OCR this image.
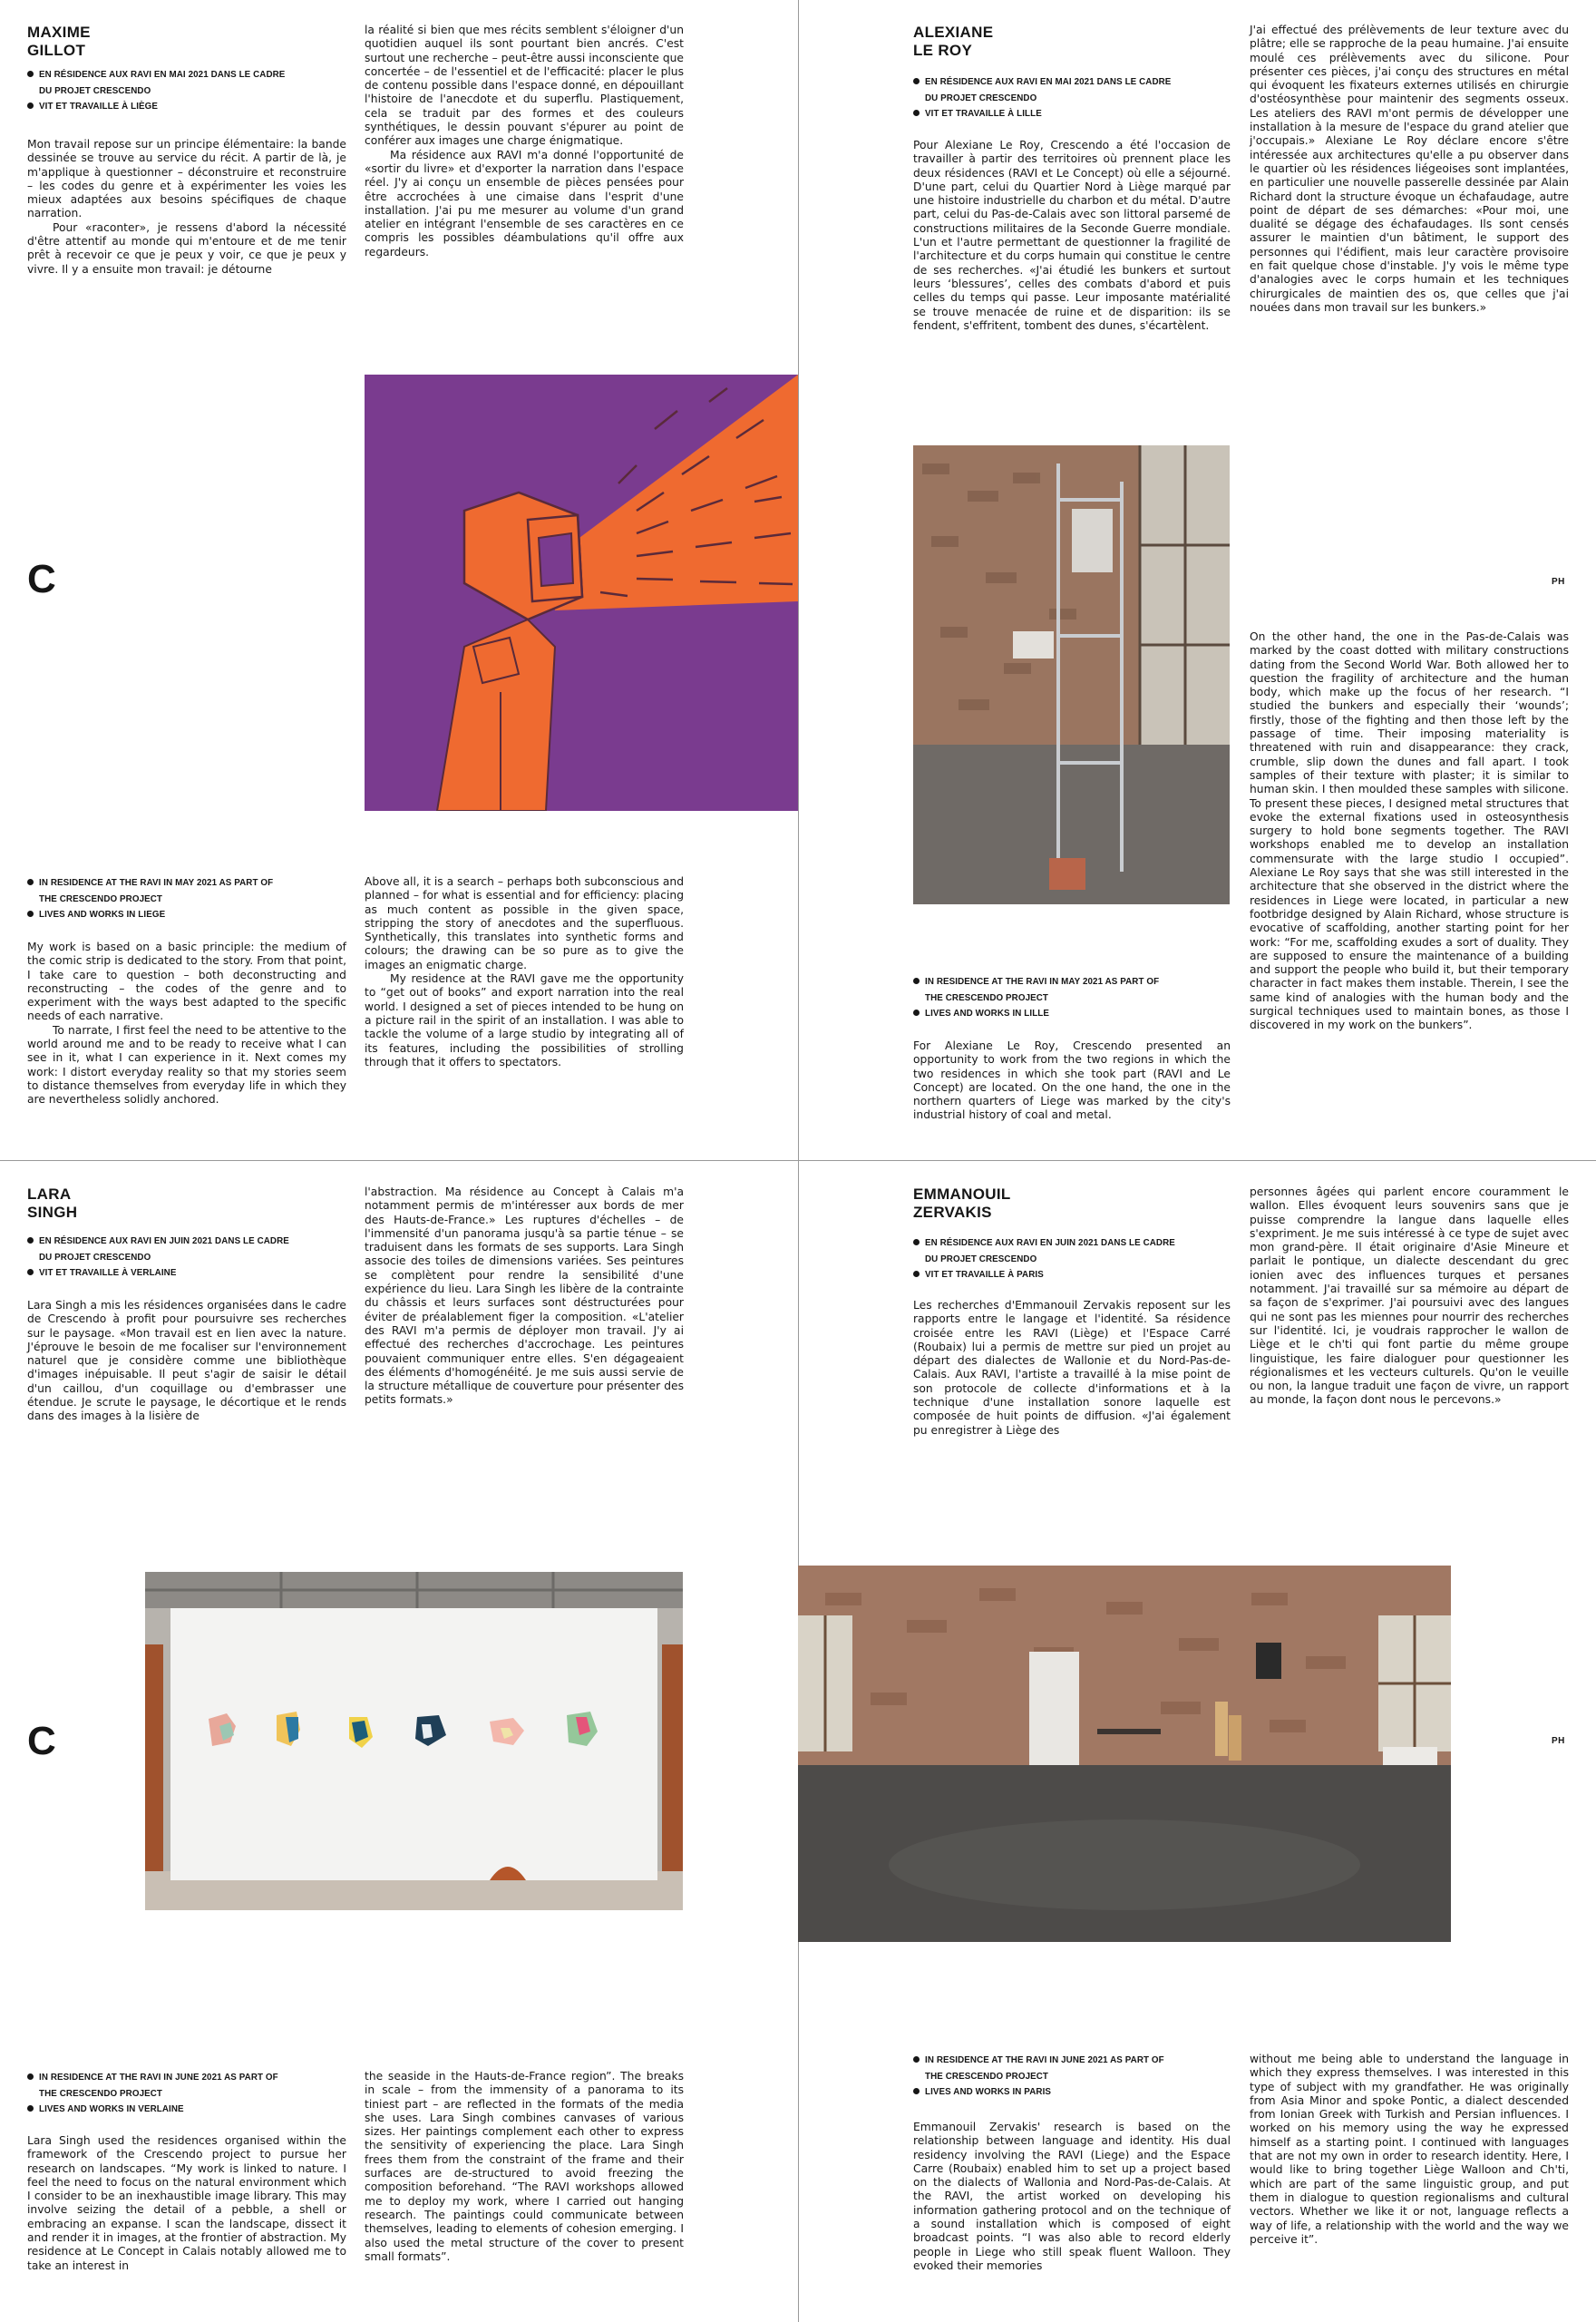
MAXIME

GILLOT

EN RÉSIDENCE AUX RAVI EN MAI 2021 DANS LE CADRE
DU PROJET CRESCENDO
VIT ET TRAVAILLE À LIÈGE

Mon travail repose sur un principe élémentaire: la bande dessinée se trouve au service du récit. A partir de là, je m'applique à questionner – déconstruire et reconstruire – les codes du genre et à expérimenter les voies les mieux adaptées aux besoins spécifiques de chaque narration.

Pour «raconter», je ressens d'abord la nécessité d'être attentif au monde qui m'entoure et de me tenir prêt à recevoir ce que je peux y voir, ce que je peux y vivre. Il y a ensuite mon travail: je détourne

la réalité si bien que mes récits semblent s'éloigner d'un quotidien auquel ils sont pourtant bien ancrés. C'est surtout une recherche – peut-être aussi inconsciente que concertée – de l'essentiel et de l'efficacité: placer le plus de contenu possible dans l'espace donné, en dépouillant l'histoire de l'anecdote et du superflu. Plastiquement, cela se traduit par des formes et des couleurs synthétiques, le dessin pouvant s'épurer au point de conférer aux images une charge énigmatique.

Ma résidence aux RAVI m'a donné l'opportunité de «sortir du livre» et d'exporter la narration dans l'espace réel. J'y ai conçu un ensemble de pièces pensées pour être accrochées à une cimaise dans l'esprit d'une installation. J'ai pu me mesurer au volume d'un grand atelier en intégrant l'ensemble de ses caractères en ce compris les possibles déambulations qu'il offre aux regardeurs.

C
IN RESIDENCE AT THE RAVI IN MAY 2021 AS PART OF
THE CRESCENDO PROJECT
LIVES AND WORKS IN LIEGE

My work is based on a basic principle: the medium of the comic strip is dedicated to the story. From that point, I take care to question – both deconstructing and reconstructing – the codes of the genre and to experiment with the ways best adapted to the specific needs of each narrative.

To narrate, I first feel the need to be attentive to the world around me and to be ready to receive what I can see in it, what I can experience in it. Next comes my work: I distort everyday reality so that my stories seem to distance themselves from everyday life in which they are nevertheless solidly anchored.

Above all, it is a search – perhaps both subconscious and planned – for what is essential and for efficiency: placing as much content as possible in the given space, stripping the story of anecdotes and the superfluous. Synthetically, this translates into synthetic forms and colours; the drawing can be so pure as to give the images an enigmatic charge.

My residence at the RAVI gave me the opportunity to “get out of books” and export narration into the real world. I designed a set of pieces intended to be hung on a picture rail in the spirit of an installation. I was able to tackle the volume of a large studio by integrating all of its features, including the possibilities of strolling through that it offers to spectators.

ALEXIANE

LE ROY

EN RÉSIDENCE AUX RAVI EN MAI 2021 DANS LE CADRE
DU PROJET CRESCENDO
VIT ET TRAVAILLE À LILLE

Pour Alexiane Le Roy, Crescendo a été l'occasion de travailler à partir des territoires où prennent place les deux résidences (RAVI et Le Concept) où elle a séjourné. D'une part, celui du Quartier Nord à Liège marqué par une histoire industrielle du charbon et du métal. D'autre part, celui du Pas-de-Calais avec son littoral parsemé de constructions militaires de la Seconde Guerre mondiale. L'un et l'autre permettant de questionner la fragilité de l'architecture et du corps humain qui constitue le centre de ses recherches. «J'ai étudié les bunkers et surtout leurs ‘blessures’, celles des combats d'abord et puis celles du temps qui passe. Leur imposante matérialité se trouve menacée de ruine et de disparition: ils se fendent, s'effritent, tombent des dunes, s'écartèlent.

J'ai effectué des prélèvements de leur texture avec du plâtre; elle se rapproche de la peau humaine. J'ai ensuite moulé ces prélèvements avec du silicone. Pour présenter ces pièces, j'ai conçu des structures en métal qui évoquent les fixateurs externes utilisés en chirurgie d'ostéosynthèse pour maintenir des segments osseux. Les ateliers des RAVI m'ont permis de développer une installation à la mesure de l'espace du grand atelier que j'occupais.» Alexiane Le Roy déclare encore s'être intéressée aux architectures qu'elle a pu observer dans le quartier où les résidences liégeoises sont implantées, en particulier une nouvelle passerelle dessinée par Alain Richard dont la structure évoque un échafaudage, autre point de départ de ses démarches: «Pour moi, une dualité se dégage des échafaudages. Ils sont censés assurer le maintien d'un bâtiment, le support des personnes qui l'édifient, mais leur caractère provisoire en fait quelque chose d'instable. J'y vois le même type d'analogies avec le corps humain et les techniques chirurgicales de maintien des os, que celles que j'ai nouées dans mon travail sur les bunkers.»

PH
IN RESIDENCE AT THE RAVI IN MAY 2021 AS PART OF
THE CRESCENDO PROJECT
LIVES AND WORKS IN LILLE

For Alexiane Le Roy, Crescendo presented an opportunity to work from the two regions in which the two residences in which she took part (RAVI and Le Concept) are located. On the one hand, the one in the northern quarters of Liege was marked by the city's industrial history of coal and metal.

On the other hand, the one in the Pas-de-Calais was marked by the coast dotted with military constructions dating from the Second World War. Both allowed her to question the fragility of architecture and the human body, which make up the focus of her research. “I studied the bunkers and especially their ‘wounds’; firstly, those of the fighting and then those left by the passage of time. Their imposing materiality is threatened with ruin and disappearance: they crack, crumble, slip down the dunes and fall apart. I took samples of their texture with plaster; it is similar to human skin. I then moulded these samples with silicone. To present these pieces, I designed metal structures that evoke the external fixations used in osteosynthesis surgery to hold bone segments together. The RAVI workshops enabled me to develop an installation commensurate with the large studio I occupied”. Alexiane Le Roy says that she was still interested in the architecture that she observed in the district where the residences in Liege were located, in particular a new footbridge designed by Alain Richard, whose structure is evocative of scaffolding, another starting point for her work: “For me, scaffolding exudes a sort of duality. They are supposed to ensure the maintenance of a building and support the people who build it, but their temporary character in fact makes them instable. Therein, I see the same kind of analogies with the human body and the surgical techniques used to maintain bones, as those I discovered in my work on the bunkers”.

LARA

SINGH

EN RÉSIDENCE AUX RAVI EN JUIN 2021 DANS LE CADRE
DU PROJET CRESCENDO
VIT ET TRAVAILLE À VERLAINE

Lara Singh a mis les résidences organisées dans le cadre de Crescendo à profit pour poursuivre ses recherches sur le paysage. «Mon travail est en lien avec la nature. J'éprouve le besoin de me focaliser sur l'environnement naturel que je considère comme une bibliothèque d'images inépuisable. Il peut s'agir de saisir le détail d'un caillou, d'un coquillage ou d'embrasser une étendue. Je scrute le paysage, le décortique et le rends dans des images à la lisière de

l'abstraction. Ma résidence au Concept à Calais m'a notamment permis de m'intéresser aux bords de mer des Hauts-de-France.» Les ruptures d'échelles – de l'immensité d'un panorama jusqu'à sa partie ténue – se traduisent dans les formats de ses supports. Lara Singh associe des toiles de dimensions variées. Ses peintures se complètent pour rendre la sensibilité d'une expérience du lieu. Lara Singh les libère de la contrainte du châssis et leurs surfaces sont déstructurées pour éviter de préalablement figer la composition. «L'atelier des RAVI m'a permis de déployer mon travail. J'y ai effectué des recherches d'accrochage. Les peintures pouvaient communiquer entre elles. S'en dégageaient des éléments d'homogénéité. Je me suis aussi servie de la structure métallique de couverture pour présenter des petits formats.»

C
IN RESIDENCE AT THE RAVI IN JUNE 2021 AS PART OF
THE CRESCENDO PROJECT
LIVES AND WORKS IN VERLAINE

Lara Singh used the residences organised within the framework of the Crescendo project to pursue her research on landscapes. “My work is linked to nature. I feel the need to focus on the natural environment which I consider to be an inexhaustible image library. This may involve seizing the detail of a pebble, a shell or embracing an expanse. I scan the landscape, dissect it and render it in images, at the frontier of abstraction. My residence at Le Concept in Calais notably allowed me to take an interest in

the seaside in the Hauts-de-France region”. The breaks in scale – from the immensity of a panorama to its tiniest part – are reflected in the formats of the media she uses. Lara Singh combines canvases of various sizes. Her paintings complement each other to express the sensitivity of experiencing the place. Lara Singh frees them from the constraint of the frame and their surfaces are de-structured to avoid freezing the composition beforehand. “The RAVI workshops allowed me to deploy my work, where I carried out hanging research. The paintings could communicate between themselves, leading to elements of cohesion emerging. I also used the metal structure of the cover to present small formats”.

EMMANOUIL

ZERVAKIS

EN RÉSIDENCE AUX RAVI EN JUIN 2021 DANS LE CADRE
DU PROJET CRESCENDO
VIT ET TRAVAILLE À PARIS

Les recherches d'Emmanouil Zervakis reposent sur les rapports entre le langage et l'identité. Sa résidence croisée entre les RAVI (Liège) et l'Espace Carré (Roubaix) lui a permis de mettre sur pied un projet au départ des dialectes de Wallonie et du Nord-Pas-de-Calais. Aux RAVI, l'artiste a travaillé à la mise point de son protocole de collecte d'informations et à la technique d'une installation sonore laquelle est composée de huit points de diffusion. «J'ai également pu enregistrer à Liège des

personnes âgées qui parlent encore couramment le wallon. Elles évoquent leurs souvenirs sans que je puisse comprendre la langue dans laquelle elles s'expriment. Je me suis intéressé à ce type de sujet avec mon grand-père. Il était originaire d'Asie Mineure et parlait le pontique, un dialecte descendant du grec ionien avec des influences turques et persanes notamment. J'ai travaillé sur sa mémoire au départ de sa façon de s'exprimer. J'ai poursuivi avec des langues qui ne sont pas les miennes pour nourrir des recherches sur l'identité. Ici, je voudrais rapprocher le wallon de Liège et le ch'ti qui font partie du même groupe linguistique, les faire dialoguer pour questionner les régionalismes et les vecteurs culturels. Qu'on le veuille ou non, la langue traduit une façon de vivre, un rapport au monde, la façon dont nous le percevons.»

PH
IN RESIDENCE AT THE RAVI IN JUNE 2021 AS PART OF
THE CRESCENDO PROJECT
LIVES AND WORKS IN PARIS

Emmanouil Zervakis' research is based on the relationship between language and identity. His dual residency involving the RAVI (Liege) and the Espace Carre (Roubaix) enabled him to set up a project based on the dialects of Wallonia and Nord-Pas-de-Calais. At the RAVI, the artist worked on developing his information gathering protocol and on the technique of a sound installation which is composed of eight broadcast points. “I was also able to record elderly people in Liege who still speak fluent Walloon. They evoked their memories

without me being able to understand the language in which they express themselves. I was interested in this type of subject with my grandfather. He was originally from Asia Minor and spoke Pontic, a dialect descended from Ionian Greek with Turkish and Persian influences. I worked on his memory using the way he expressed himself as a starting point. I continued with languages that are not my own in order to research identity. Here, I would like to bring together Liège Walloon and Ch'ti, which are part of the same linguistic group, and put them in dialogue to question regionalisms and cultural vectors. Whether we like it or not, language reflects a way of life, a relationship with the world and the way we perceive it”.
